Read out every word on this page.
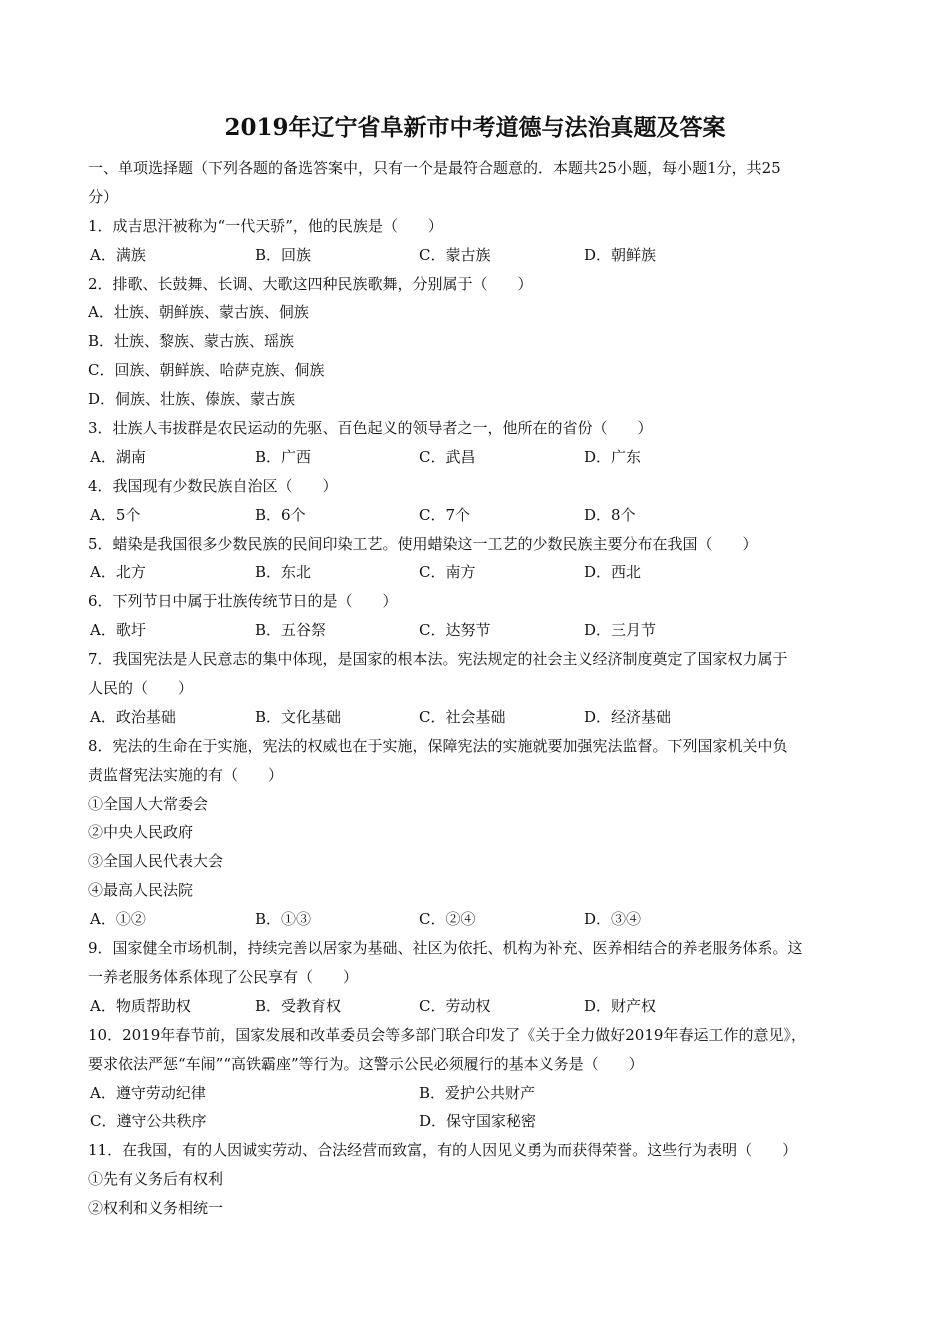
2019年辽宁省阜新市中考道德与法治真题及答案
一、单项选择题（下列各题的备选答案中，只有一个是最符合题意的．本题共25小题，每小题1分，共25
分）
1．成吉思汗被称为“一代天骄”，他的民族是（　　）
A．满族	B．回族	C．蒙古族	D．朝鲜族
2．排歌、长鼓舞、长调、大歌这四种民族歌舞，分别属于（　　）
A．壮族、朝鲜族、蒙古族、侗族
B．壮族、黎族、蒙古族、瑶族
C．回族、朝鲜族、哈萨克族、侗族
D．侗族、壮族、傣族、蒙古族
3．壮族人韦拔群是农民运动的先驱、百色起义的领导者之一，他所在的省份（　　）
A．湖南	B．广西	C．武昌	D．广东
4．我国现有少数民族自治区（　　）
A．5个	B．6个	C．7个	D．8个
5．蜡染是我国很多少数民族的民间印染工艺。使用蜡染这一工艺的少数民族主要分布在我国（　　）
A．北方	B．东北	C．南方	D．西北
6．下列节日中属于壮族传统节日的是（　　）
A．歌圩	B．五谷祭	C．达努节	D．三月节
7．我国宪法是人民意志的集中体现，是国家的根本法。宪法规定的社会主义经济制度奠定了国家权力属于
人民的（　　）
A．政治基础	B．文化基础	C．社会基础	D．经济基础
8．宪法的生命在于实施，宪法的权威也在于实施，保障宪法的实施就要加强宪法监督。下列国家机关中负
责监督宪法实施的有（　　）
①全国人大常委会
②中央人民政府
③全国人民代表大会
④最高人民法院
A．①②	B．①③	C．②④	D．③④
9．国家健全市场机制，持续完善以居家为基础、社区为依托、机构为补充、医养相结合的养老服务体系。这
一养老服务体系体现了公民享有（　　）
A．物质帮助权	B．受教育权	C．劳动权	D．财产权
10．2019年春节前，国家发展和改革委员会等多部门联合印发了《关于全力做好2019年春运工作的意见》，
要求依法严惩“车闹”“高铁霸座”等行为。这警示公民必须履行的基本义务是（　　）
A．遵守劳动纪律	B．爱护公共财产
C．遵守公共秩序	D．保守国家秘密
11．在我国，有的人因诚实劳动、合法经营而致富，有的人因见义勇为而获得荣誉。这些行为表明（　　）
①先有义务后有权利
②权利和义务相统一
